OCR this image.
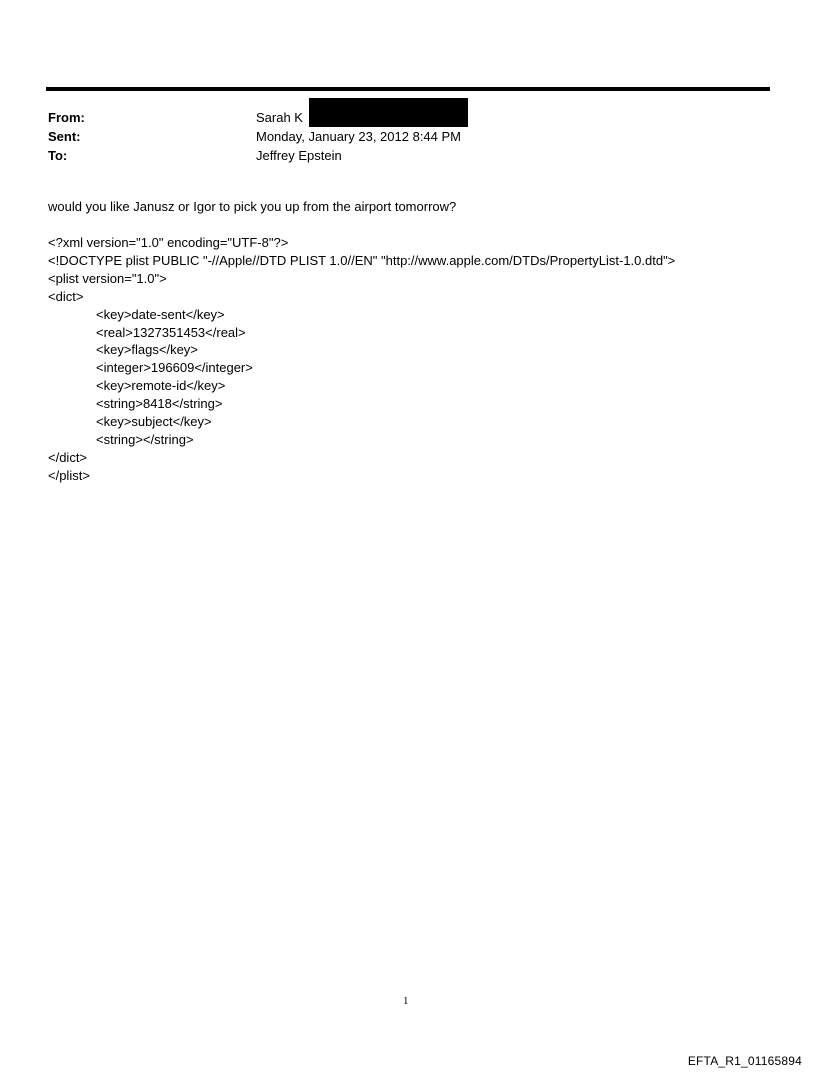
From:	Sarah K
Sent:	Monday, January 23, 2012 8:44 PM
To:	Jeffrey Epstein
would you like Janusz or Igor to pick you up from the airport tomorrow?
<?xml version="1.0" encoding="UTF-8"?>
<!DOCTYPE plist PUBLIC "-//Apple//DTD PLIST 1.0//EN" "http://www.apple.com/DTDs/PropertyList-1.0.dtd">
<plist version="1.0">
<dict>
<key>date-sent</key>
<real>1327351453</real>
<key>flags</key>
<integer>196609</integer>
<key>remote-id</key>
<string>8418</string>
<key>subject</key>
<string></string>
</dict>
</plist>
1
EFTA_R1_01165894
